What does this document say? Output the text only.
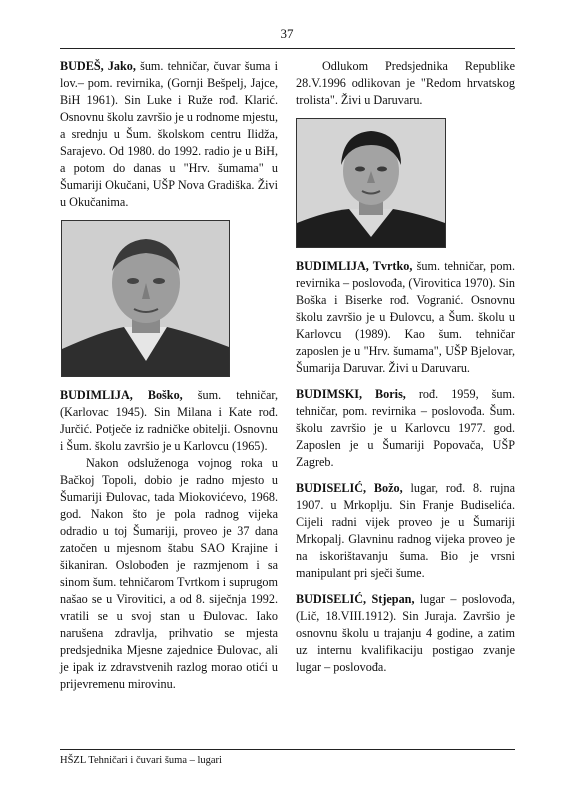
37

BUDEŠ, Jako, šum. tehničar, čuvar šuma i lov.– pom. revirnika, (Gornji Bešpelj, Jajce, BiH 1961). Sin Luke i Ruže rođ. Klarić. Osnovnu školu završio je u rodnome mjestu, a srednju u Šum. školskom centru Ilidža, Sarajevo. Od 1980. do 1992. radio je u BiH, a potom do danas u "Hrv. šumama" u Šumariji Okučani, UŠP Nova Gradiška. Živi u Okučanima.

BUDIMLIJA, Boško, šum. tehničar, (Karlovac 1945). Sin Milana i Kate rođ. Jurčić. Potječe iz radničke obitelji. Osnovnu i Šum. školu završio je u Karlovcu (1965).

Nakon odsluženoga vojnog roka u Bačkoj Topoli, dobio je radno mjesto u Šumariji Đulovac, tada Miokovićevo, 1968. god. Nakon što je pola radnog vijeka odradio u toj Šumariji, proveo je 37 dana zatočen u mjesnom štabu SAO Krajine i šikaniran. Oslobođen je razmjenom i sa sinom šum. tehničarom Tvrtkom i suprugom našao se u Virovitici, a od 8. siječnja 1992. vratili se u svoj stan u Đulovac. Iako narušena zdravlja, prihvatio se mjesta predsjednika Mjesne zajednice Đulovac, ali je ipak iz zdravstvenih razlog morao otići u prijevremenu mirovinu.

Odlukom Predsjednika Republike 28.V.1996 odlikovan je "Redom hrvatskog trolista". Živi u Daruvaru.

BUDIMLIJA, Tvrtko, šum. tehničar, pom. revirnika – poslovođa, (Virovitica 1970). Sin Boška i Biserke rođ. Vogranić. Osnovnu školu završio je u Đulovcu, a Šum. školu u Karlovcu (1989). Kao šum. tehničar zaposlen je u "Hrv. šumama", UŠP Bjelovar, Šumarija Daruvar. Živi u Daruvaru.

BUDIMSKI, Boris, rođ. 1959, šum. tehničar, pom. revirnika – poslovođa. Šum. školu završio je u Karlovcu 1977. god. Zaposlen je u Šumariji Popovača, UŠP Zagreb.

BUDISELIĆ, Božo, lugar, rođ. 8. rujna 1907. u Mrkoplju. Sin Franje Budiselića. Cijeli radni vijek proveo je u Šumariji Mrkopalj. Glavninu radnog vijeka proveo je na iskorištavanju šuma. Bio je vrsni manipulant pri sječi šume.

BUDISELIĆ, Stjepan, lugar – poslovođa, (Lič, 18.VIII.1912). Sin Juraja. Završio je osnovnu školu u trajanju 4 godine, a zatim uz internu kvalifikaciju postigao zvanje lugar – poslovođa.

HŠZL Tehničari i čuvari šuma – lugari
